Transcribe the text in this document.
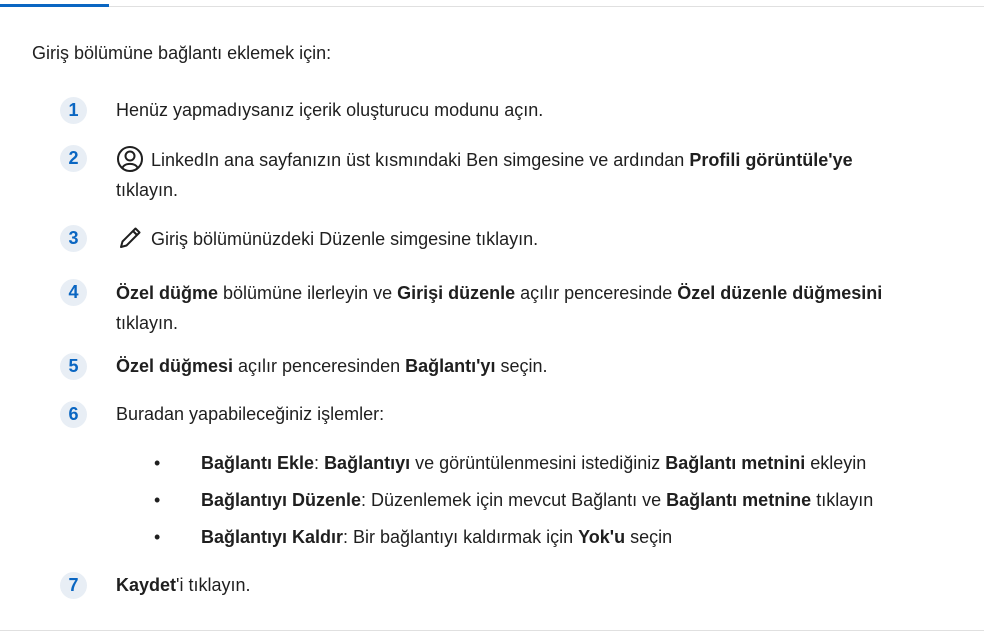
Giriş bölümüne bağlantı eklemek için:
1	Henüz yapmadıysanız içerik oluşturucu modunu açın.
2	LinkedIn ana sayfanızın üst kısmındaki Ben simgesine ve ardından Profili görüntüle'ye
tıklayın.
3	Giriş bölümünüzdeki Düzenle simgesine tıklayın.
4	Özel düğme bölümüne ilerleyin ve Girişi düzenle açılır penceresinde Özel düzenle düğmesini
tıklayın.
5	Özel düğmesi açılır penceresinden Bağlantı'yı seçin.
6	Buradan yapabileceğiniz işlemler:
• Bağlantı Ekle: Bağlantıyı ve görüntülenmesini istediğiniz Bağlantı metnini ekleyin
• Bağlantıyı Düzenle: Düzenlemek için mevcut Bağlantı ve Bağlantı metnine tıklayın
• Bağlantıyı Kaldır: Bir bağlantıyı kaldırmak için Yok'u seçin
7	Kaydet'i tıklayın.
